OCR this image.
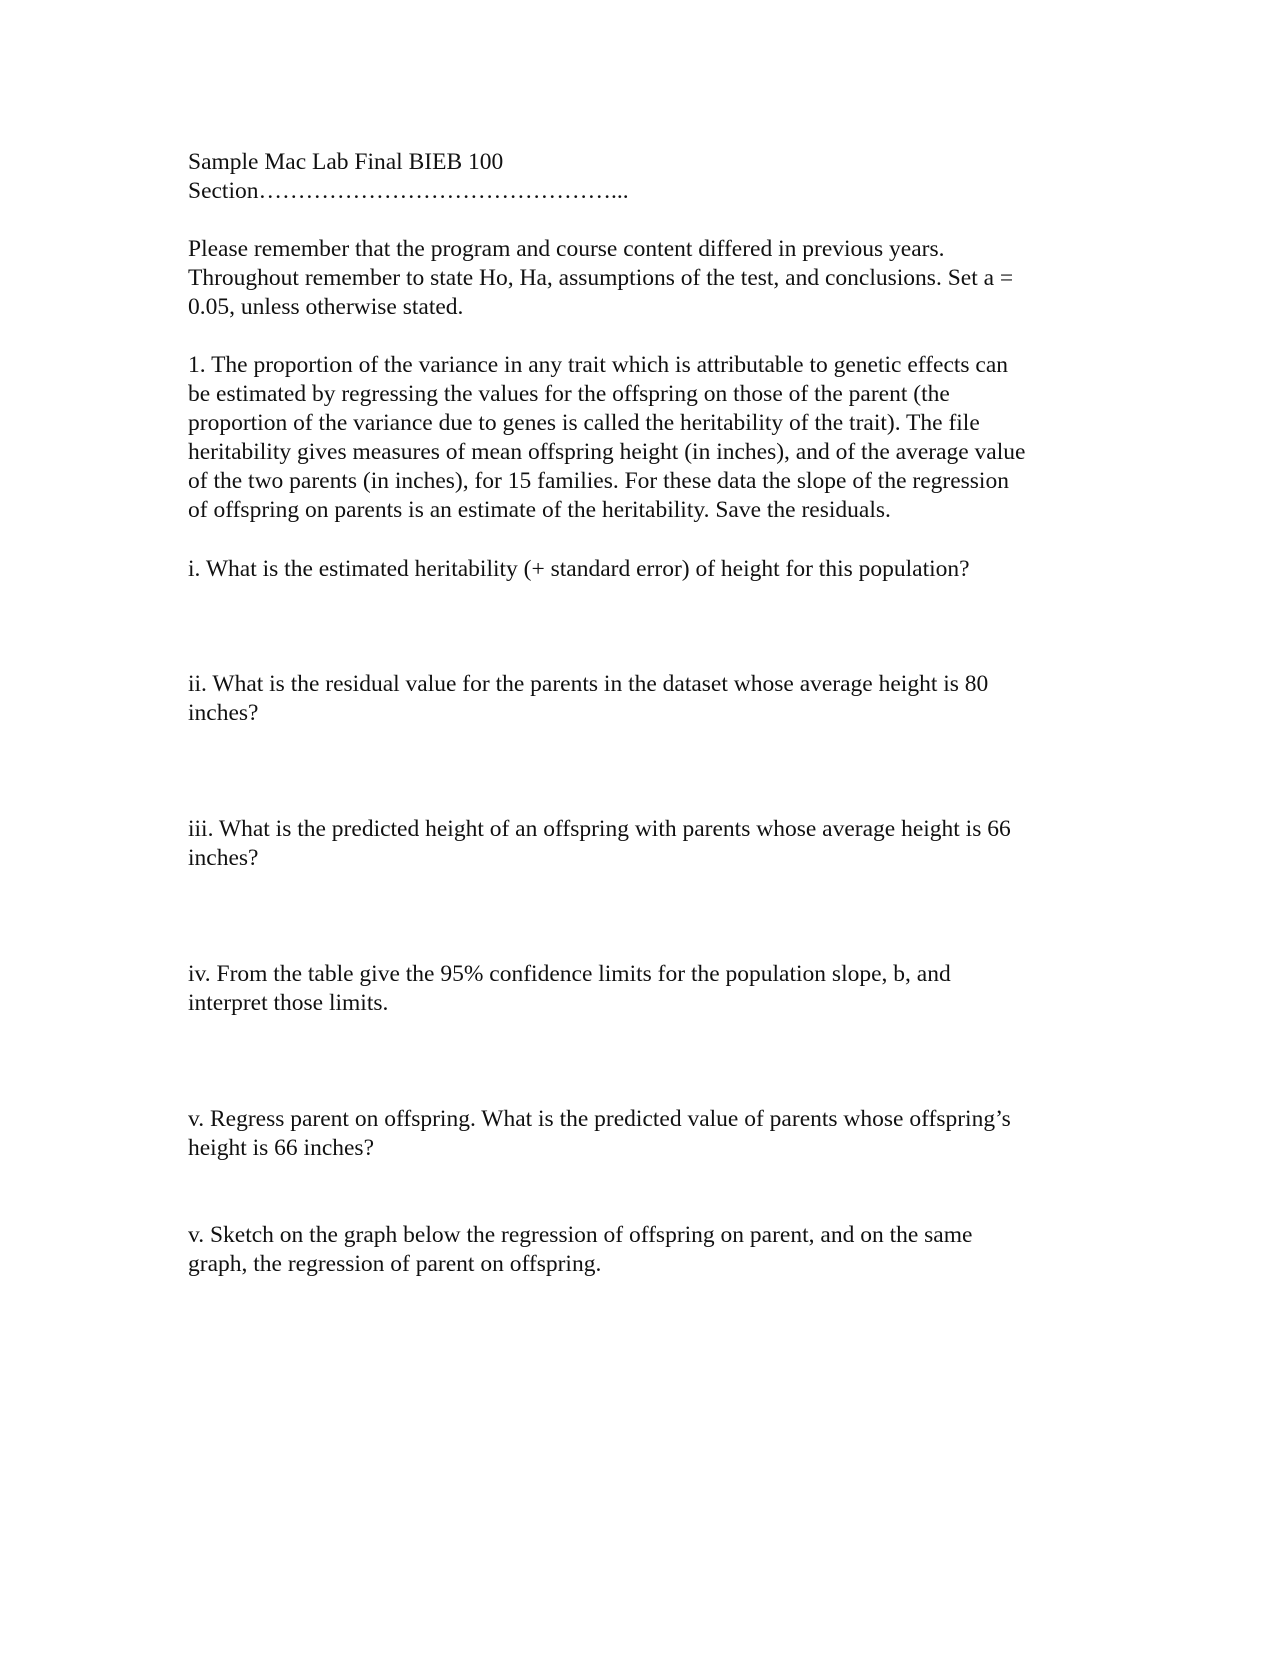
Sample Mac Lab Final BIEB 100
Section………………………………………...
Please remember that the program and course content differed in previous years.
Throughout remember to state Ho, Ha, assumptions of the test, and conclusions. Set a =
0.05, unless otherwise stated.
1. The proportion of the variance in any trait which is attributable to genetic effects can
be estimated by regressing the values for the offspring on those of the parent (the
proportion of the variance due to genes is called the heritability of the trait). The file
heritability gives measures of mean offspring height (in inches), and of the average value
of the two parents (in inches), for 15 families. For these data the slope of the regression
of offspring on parents is an estimate of the heritability. Save the residuals.
i. What is the estimated heritability (+ standard error) of height for this population?
ii. What is the residual value for the parents in the dataset whose average height is 80
inches?
iii. What is the predicted height of an offspring with parents whose average height is 66
inches?
iv. From the table give the 95% confidence limits for the population slope, b, and
interpret those limits.
v. Regress parent on offspring. What is the predicted value of parents whose offspring’s
height is 66 inches?
v. Sketch on the graph below the regression of offspring on parent, and on the same
graph, the regression of parent on offspring.
